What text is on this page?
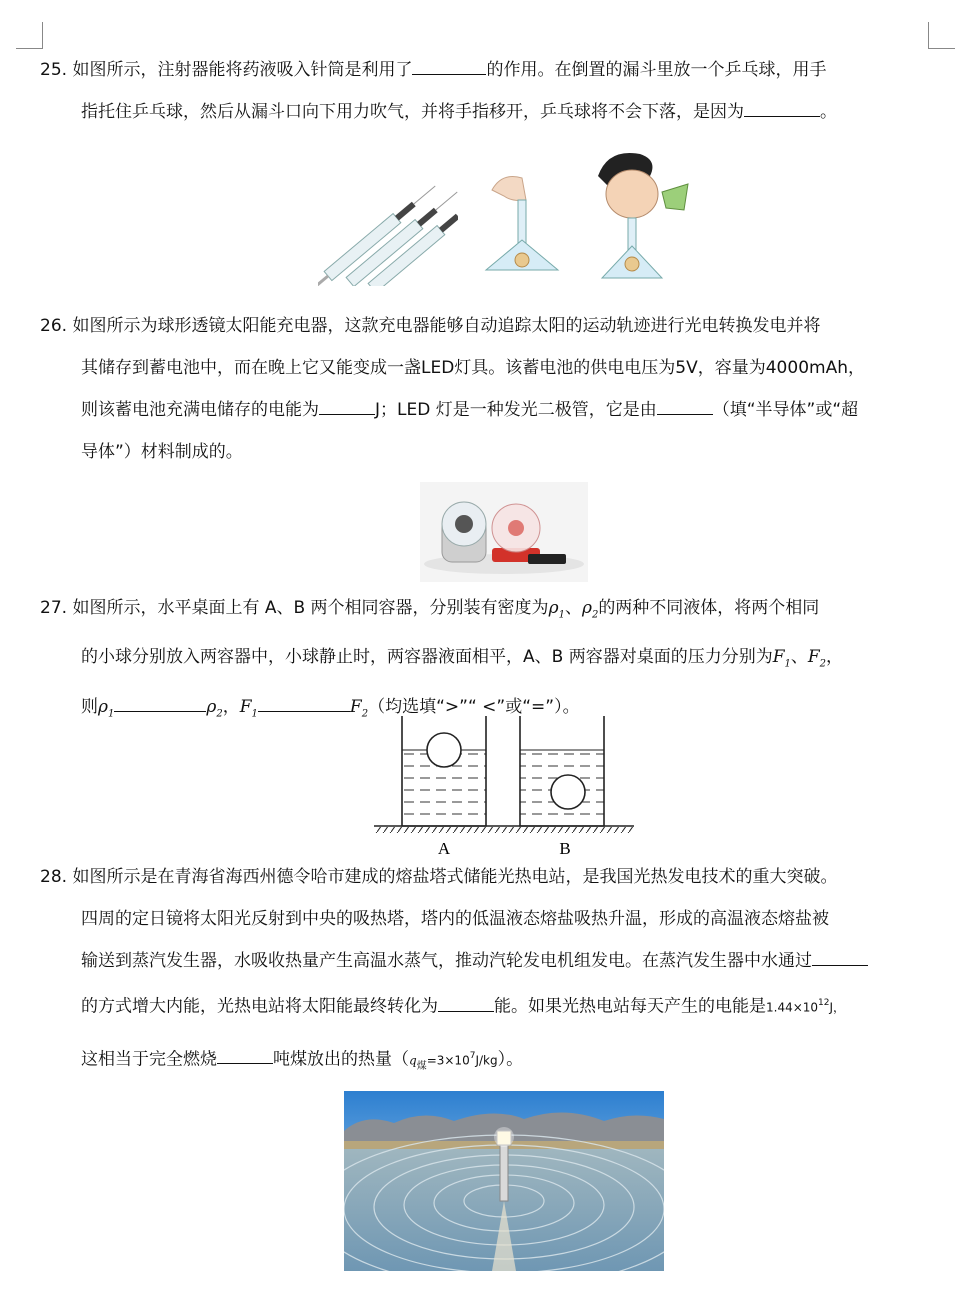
25. 如图所示，注射器能将药液吸入针筒是利用了	的作用。在倒置的漏斗里放一个乒乓球，用手
指托住乒乓球，然后从漏斗口向下用力吹气，并将手指移开，乒乓球将不会下落，是因为	。
26. 如图所示为球形透镜太阳能充电器，这款充电器能够自动追踪太阳的运动轨迹进行光电转换发电并将
其储存到蓄电池中，而在晚上它又能变成一盏LED灯具。该蓄电池的供电电压为5V，容量为4000mAh，
则该蓄电池充满电储存的电能为	J；LED 灯是一种发光二极管，它是由	（填“半导体”或“超
导体”）材料制成的。
27. 如图所示，水平桌面上有 A、B 两个相同容器，分别装有密度为$\rho_1$、$\rho_2$的两种不同液体，将两个相同
的小球分别放入两容器中，小球静止时，两容器液面相平，A、B 两容器对桌面的压力分别为$F_1$、$F_2$，
则$\rho_1$	$\rho_2$，$F_1$	$F_2$（均选填“>”“ <”或“=”）。
A	B
28. 如图所示是在青海省海西州德令哈市建成的熔盐塔式储能光热电站，是我国光热发电技术的重大突破。
四周的定日镜将太阳光反射到中央的吸热塔，塔内的低温液态熔盐吸热升温，形成的高温液态熔盐被
输送到蒸汽发生器，水吸收热量产生高温水蒸气，推动汽轮发电机组发电。在蒸汽发生器中水通过
的方式增大内能，光热电站将太阳能最终转化为	能。如果光热电站每天产生的电能是$1.44\times 10^{12}J$，
这相当于完全燃烧	吨煤放出的热量$(q_煤=3\times 10^7J/kg)$。
